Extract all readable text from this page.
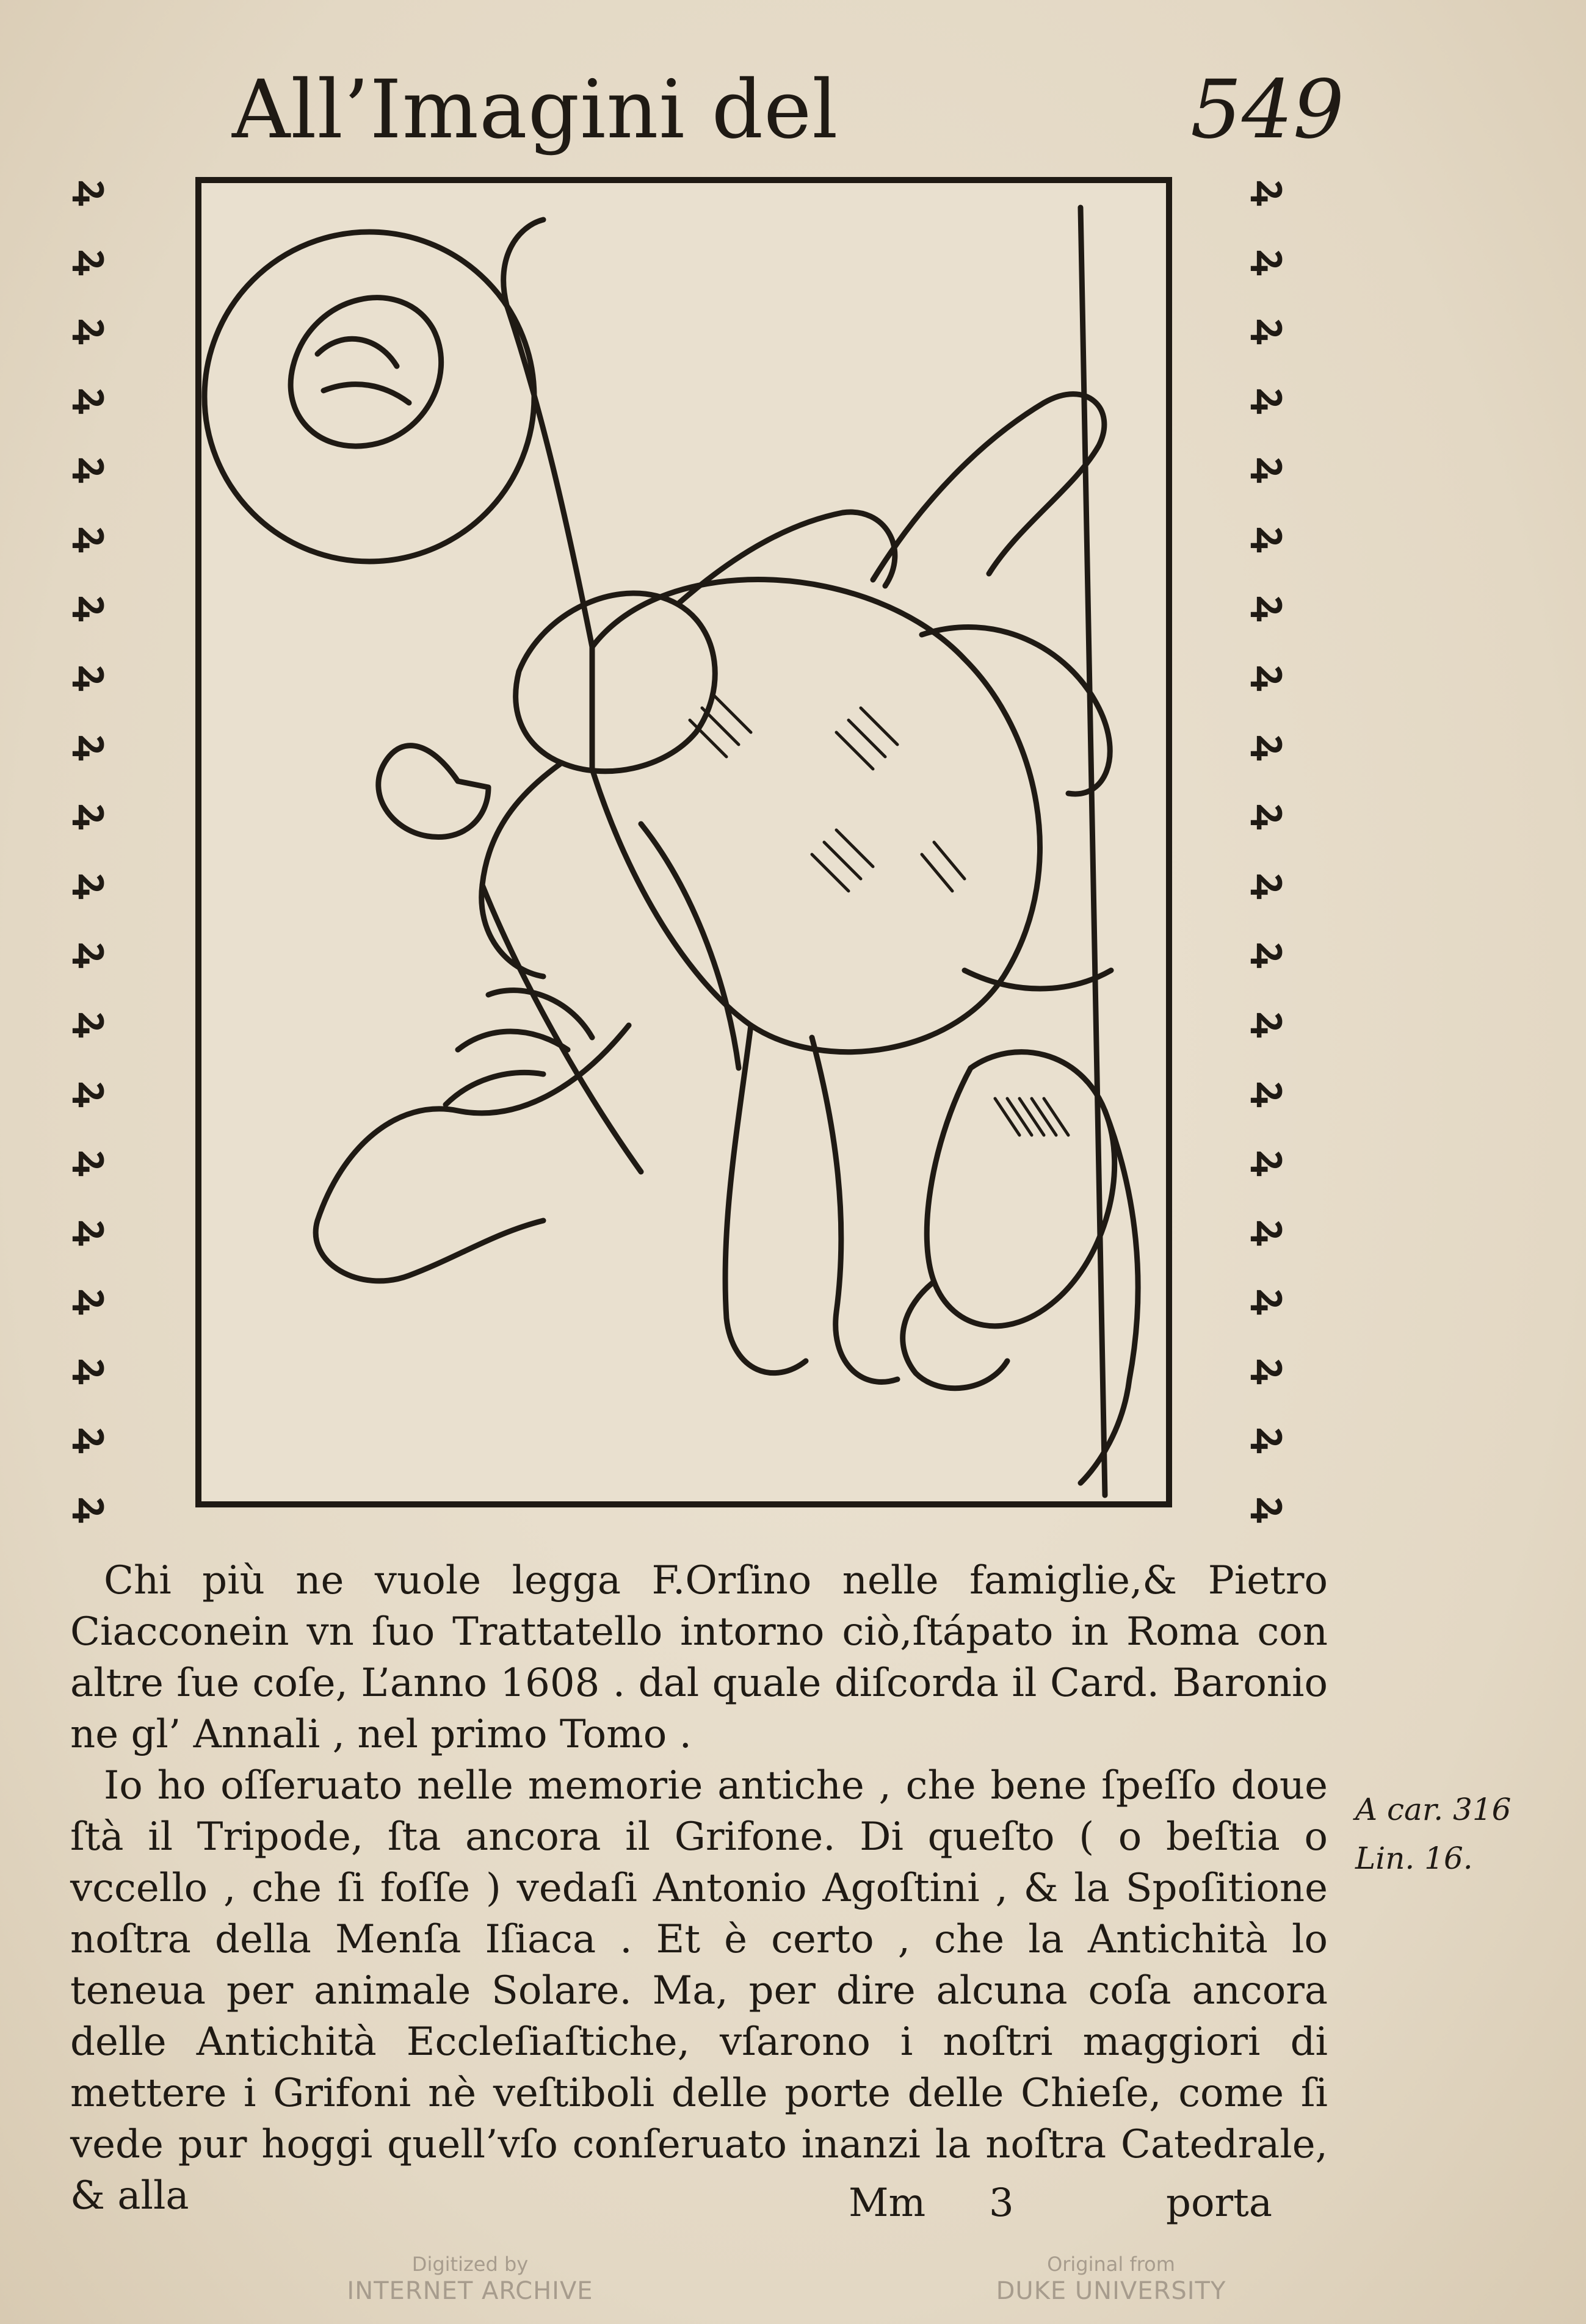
All’Imagini del	549
ꝝ
ꝝ
ꝝ
ꝝ
ꝝ
ꝝ
ꝝ
ꝝ
ꝝ
ꝝ
ꝝ
ꝝ
ꝝ
ꝝ
ꝝ
ꝝ
ꝝ
ꝝ
ꝝ
ꝝ
ꝝ
ꝝ
ꝝ
ꝝ
ꝝ
ꝝ
ꝝ
ꝝ
ꝝ
ꝝ
ꝝ
ꝝ
ꝝ
ꝝ
ꝝ
ꝝ
ꝝ
ꝝ
ꝝ
ꝝ

Chi più ne vuole legga F.Orſino nelle famiglie,& Pietro Ciacconein vn ſuo Trattatello intorno ciò,ſtápato in Roma con altre ſue coſe, L’anno 1608 . dal quale diſcorda il Card. Baronio ne gl’ Annali , nel primo Tomo .

Io ho oſſeruato nelle memorie antiche , che bene ſpeſſo doue ſtà il Tripode, ſta ancora il Grifone. Di queſto ( o beſtia o vccello , che ſi foſſe ) vedaſi Antonio Agoſtini , & la Spoſitione noſtra della Menſa Iſiaca . Et è certo , che la Antichità lo teneua per animale Solare. Ma, per dire alcuna coſa ancora delle Antichità Eccleſiaſtiche, vſarono i noſtri maggiori di mettere i Grifoni nè veſtiboli delle porte delle Chieſe, come ſi vede pur hoggi quell’vſo conſeruato inanzi la noſtra Catedrale, & alla

A car. 316
Lin. 16.
Mm 3	porta
Digitized by
INTERNET ARCHIVE
Original from
DUKE UNIVERSITY
